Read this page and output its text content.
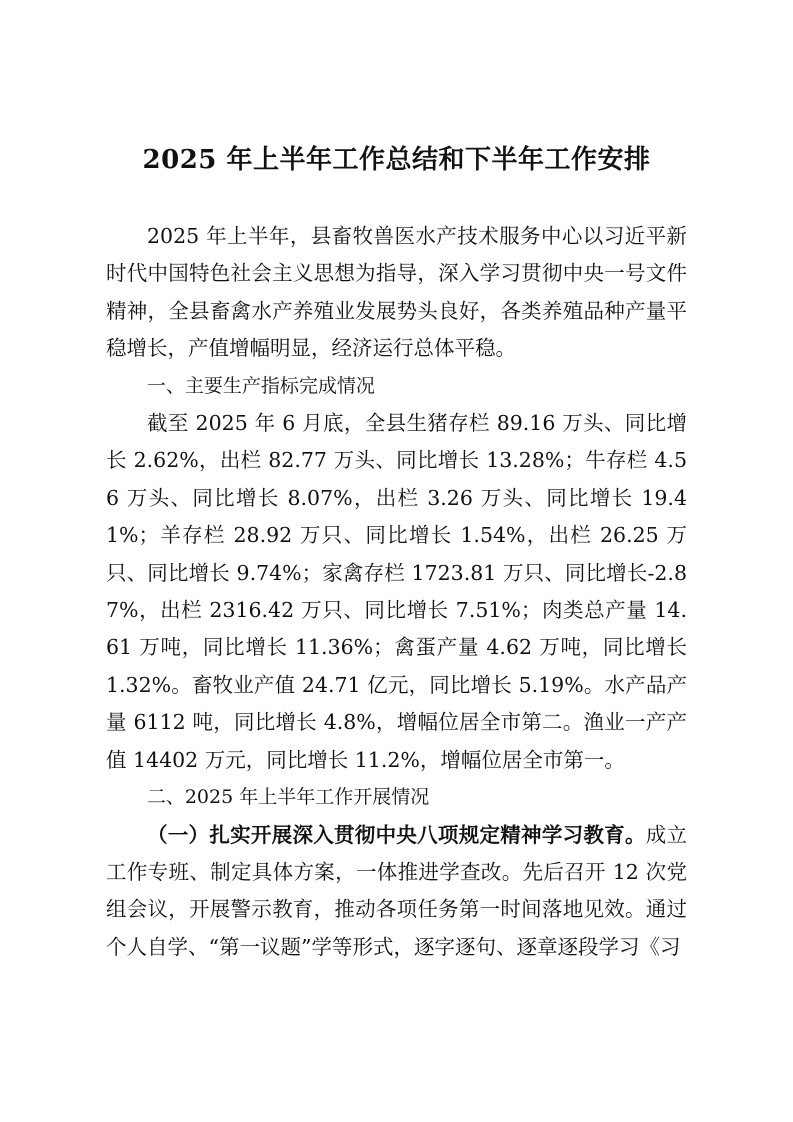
2025 年上半年工作总结和下半年工作安排

2025 年上半年，县畜牧兽医水产技术服务中心以习近平新时代中国特色社会主义思想为指导，深入学习贯彻中央一号文件精神，全县畜禽水产养殖业发展势头良好，各类养殖品种产量平稳增长，产值增幅明显，经济运行总体平稳。

一、主要生产指标完成情况

截至 2025 年 6 月底，全县生猪存栏 89.16 万头、同比增长 2.62%，出栏 82.77 万头、同比增长 13.28%；牛存栏 4.56 万头、同比增长 8.07%，出栏 3.26 万头、同比增长 19.41%；羊存栏 28.92 万只、同比增长 1.54%，出栏 26.25 万只、同比增长 9.74%；家禽存栏 1723.81 万只、同比增长-2.87%，出栏 2316.42 万只、同比增长 7.51%；肉类总产量 14.61 万吨，同比增长 11.36%；禽蛋产量 4.62 万吨，同比增长 1.32%。畜牧业产值 24.71 亿元，同比增长 5.19%。水产品产量 6112 吨，同比增长 4.8%，增幅位居全市第二。渔业一产产值 14402 万元，同比增长 11.2%，增幅位居全市第一。

二、2025 年上半年工作开展情况

（一）扎实开展深入贯彻中央八项规定精神学习教育。成立工作专班、制定具体方案，一体推进学查改。先后召开 12 次党组会议，开展警示教育，推动各项任务第一时间落地见效。通过个人自学、“第一议题”学等形式，逐字逐句、逐章逐段学习《习
